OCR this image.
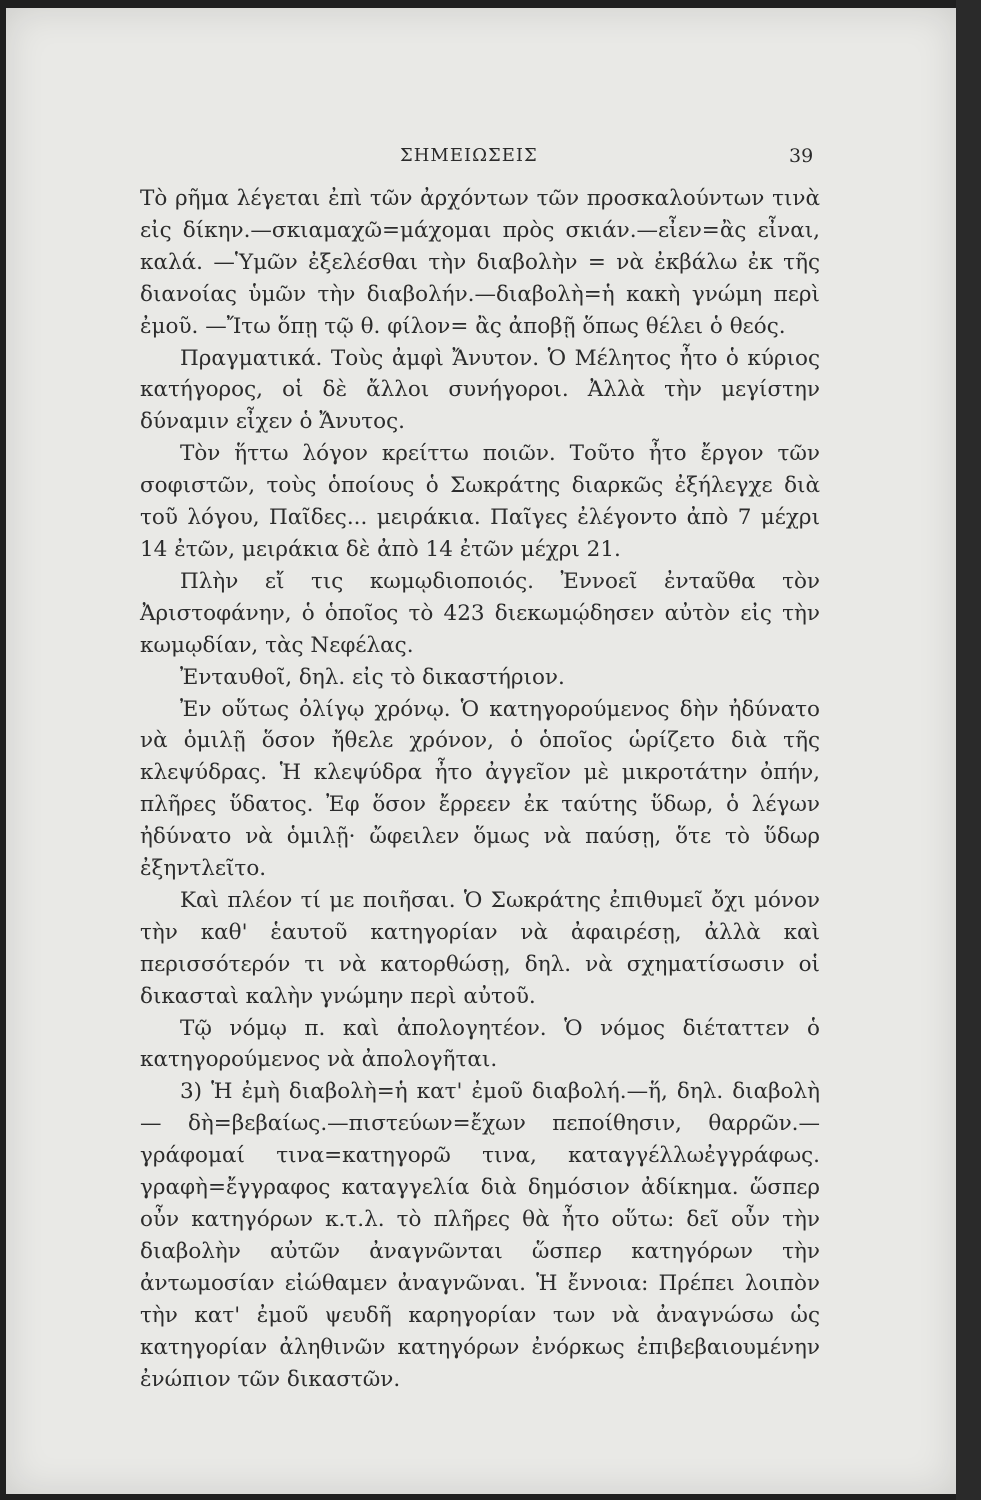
ΣΗΜΕΙΩΣΕΙΣ	39

Τὸ ρῆμα λέγεται ἐπὶ τῶν ἀρχόντων τῶν προσκαλούντων τινὰ εἰς δίκην.—σκιαμαχῶ=μάχομαι πρὸς σκιάν.—εἶεν=ἂς εἶναι, καλά. —Ὑμῶν ἐξελέσθαι τὴν διαβολὴν = νὰ ἐκβάλω ἐκ τῆς διανοίας ὑμῶν τὴν διαβολήν.—διαβολὴ=ἡ κακὴ γνώμη περὶ ἐμοῦ. —Ἴτω ὅπῃ τῷ θ. φίλον= ἂς ἀποβῇ ὅπως θέλει ὁ θεός.

Πραγματικά. Τοὺς ἀμφὶ Ἄνυτον. Ὁ Μέλητος ἦτο ὁ κύριος κατήγορος, οἱ δὲ ἄλλοι συνήγοροι. Ἀλλὰ τὴν μεγίστην δύναμιν εἶχεν ὁ Ἄνυτος.

Τὸν ἥττω λόγον κρείττω ποιῶν. Τοῦτο ἦτο ἔργον τῶν σοφιστῶν, τοὺς ὁποίους ὁ Σωκράτης διαρκῶς ἐξήλεγχε διὰ τοῦ λόγου, Παῖδες... μειράκια. Παῖγες ἐλέγοντο ἀπὸ 7 μέχρι 14 ἐτῶν, μειράκια δὲ ἀπὸ 14 ἐτῶν μέχρι 21.

Πλὴν εἴ τις κωμῳδιοποιός. Ἐννοεῖ ἐνταῦθα τὸν Ἀριστοφάνην, ὁ ὁποῖος τὸ 423 διεκωμῴδησεν αὐτὸν εἰς τὴν κωμῳδίαν, τὰς Νεφέλας.

Ἐνταυθοῖ, δηλ. εἰς τὸ δικαστήριον.

Ἐν οὕτως ὀλίγῳ χρόνῳ. Ὁ κατηγορούμενος δὴν ἠδύνατο νὰ ὁμιλῇ ὅσον ἤθελε χρόνον, ὁ ὁποῖος ὡρίζετο διὰ τῆς κλεψύδρας. Ἡ κλεψύδρα ἦτο ἀγγεῖον μὲ μικροτάτην ὀπήν, πλῆρες ὕδατος. Ἐφ ὅσον ἔρρεεν ἐκ ταύτης ὕδωρ, ὁ λέγων ἠδύνατο νὰ ὁμιλῇ· ὤφειλεν ὅμως νὰ παύσῃ, ὅτε τὸ ὕδωρ ἐξηντλεῖτο.

Καὶ πλέον τί με ποιῆσαι. Ὁ Σωκράτης ἐπιθυμεῖ ὄχι μόνον τὴν καθ' ἑαυτοῦ κατηγορίαν νὰ ἀφαιρέσῃ, ἀλλὰ καὶ περισσότερόν τι νὰ κατορθώσῃ, δηλ. νὰ σχηματίσωσιν οἱ δικασταὶ καλὴν γνώμην περὶ αὐτοῦ.

Τῷ νόμῳ π. καὶ ἀπολογητέον. Ὁ νόμος διέταττεν ὁ κατηγορούμενος νὰ ἀπολογῆται.

3) Ἡ ἐμὴ διαβολὴ=ἡ κατ' ἐμοῦ διαβολή.—ἥ, δηλ. διαβολὴ — δὴ=βεβαίως.—πιστεύων=ἔχων πεποίθησιν, θαρρῶν.—γράφομαί τινα=κατηγορῶ τινα, καταγγέλλωἐγγράφως. γραφὴ=ἔγγραφος καταγγελία διὰ δημόσιον ἀδίκημα. ὥσπερ οὖν κατηγόρων κ.τ.λ. τὸ πλῆρες θὰ ἦτο οὕτω: δεῖ οὖν τὴν διαβολὴν αὐτῶν ἀναγνῶνται ὥσπερ κατηγόρων τὴν ἀντωμοσίαν εἰώθαμεν ἀναγνῶναι. Ἡ ἔννοια: Πρέπει λοιπὸν τὴν κατ' ἐμοῦ ψευδῆ καρηγορίαν των νὰ ἀναγνώσω ὡς κατηγορίαν ἀληθινῶν κατηγόρων ἐνόρκως ἐπιβεβαιουμένην ἐνώπιον τῶν δικαστῶν.
